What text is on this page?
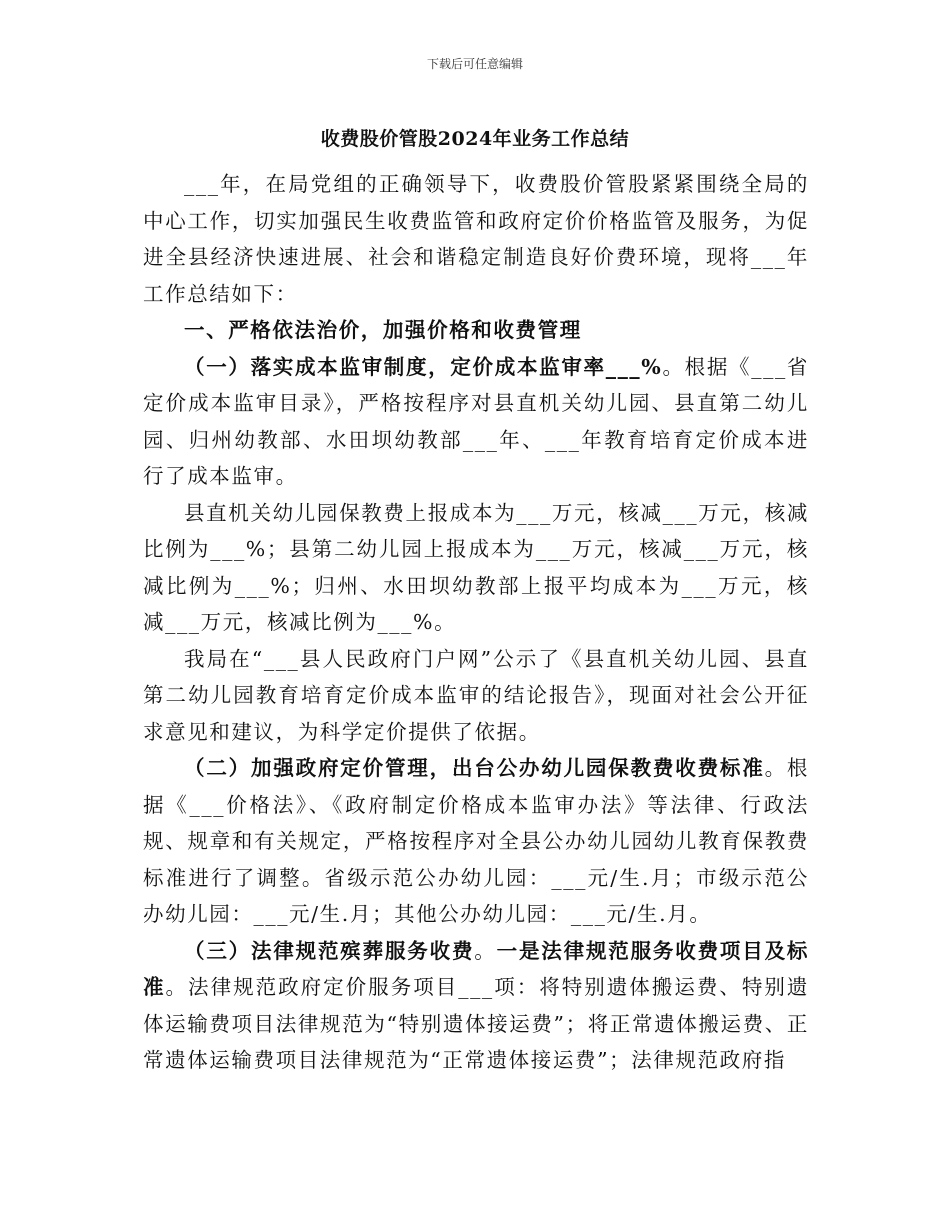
下载后可任意编辑
收费股价管股2024年业务工作总结

___年，在局党组的正确领导下，收费股价管股紧紧围绕全局的中心工作，切实加强民生收费监管和政府定价价格监管及服务，为促进全县经济快速进展、社会和谐稳定制造良好价费环境，现将___年工作总结如下：

一、严格依法治价，加强价格和收费管理

（一）落实成本监审制度，定价成本监审率___%。根据《___省定价成本监审目录》，严格按程序对县直机关幼儿园、县直第二幼儿园、归州幼教部、水田坝幼教部___年、___年教育培育定价成本进行了成本监审。

县直机关幼儿园保教费上报成本为___万元，核减___万元，核减比例为___%；县第二幼儿园上报成本为___万元，核减___万元，核减比例为___%；归州、水田坝幼教部上报平均成本为___万元，核减___万元，核减比例为___%。

我局在“___县人民政府门户网”公示了《县直机关幼儿园、县直第二幼儿园教育培育定价成本监审的结论报告》，现面对社会公开征求意见和建议，为科学定价提供了依据。

（二）加强政府定价管理，出台公办幼儿园保教费收费标准。根据《___价格法》、《政府制定价格成本监审办法》等法律、行政法规、规章和有关规定，严格按程序对全县公办幼儿园幼儿教育保教费标准进行了调整。省级示范公办幼儿园：___元/生.月；市级示范公办幼儿园：___元/生.月；其他公办幼儿园：___元/生.月。

（三）法律规范殡葬服务收费。一是法律规范服务收费项目及标准。法律规范政府定价服务项目___项：将特别遗体搬运费、特别遗体运输费项目法律规范为“特别遗体接运费”；将正常遗体搬运费、正常遗体运输费项目法律规范为“正常遗体接运费”；法律规范政府指
